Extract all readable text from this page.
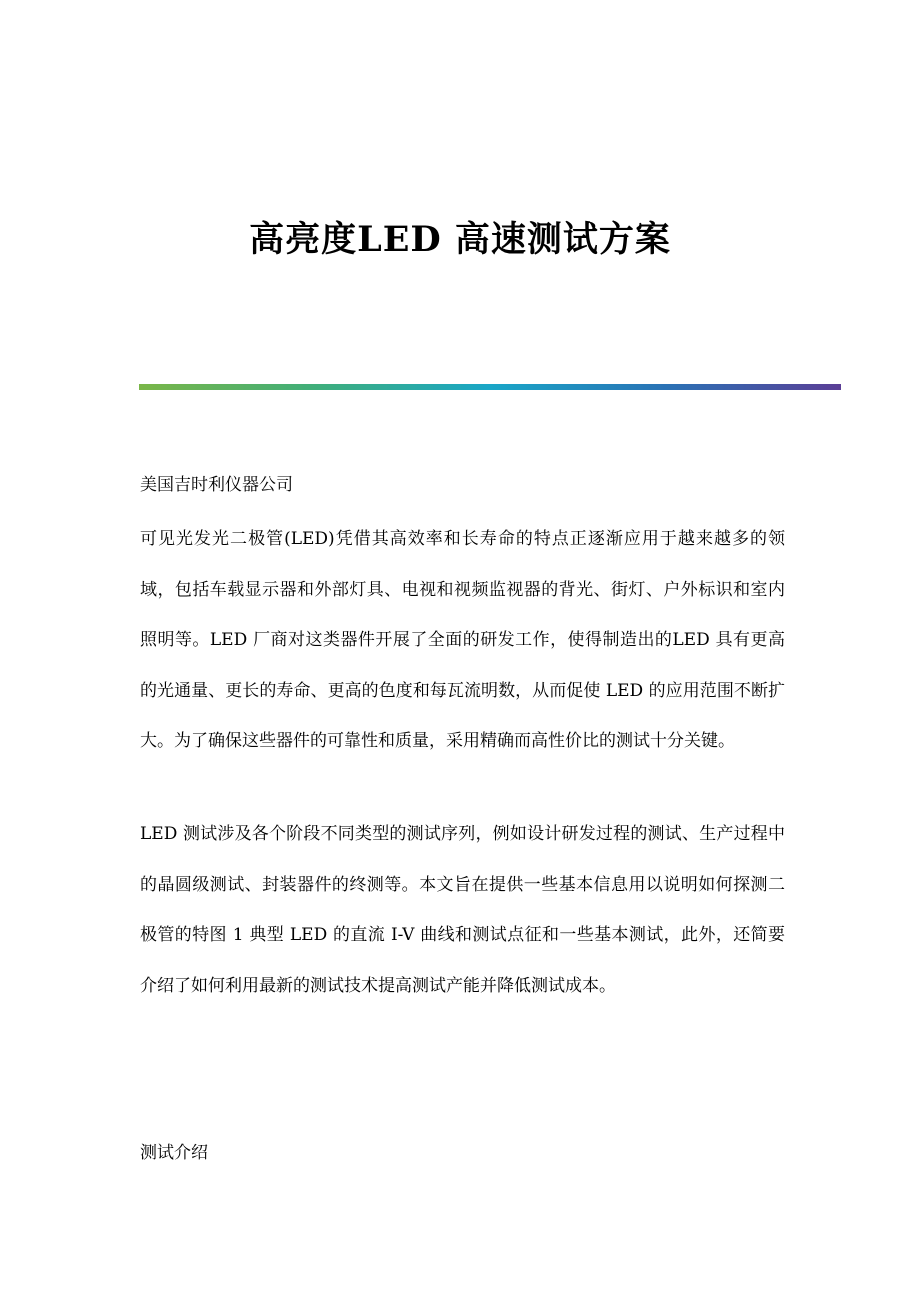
高亮度LED 高速测试方案

美国吉时利仪器公司

可见光发光二极管(LED)凭借其高效率和长寿命的特点正逐渐应用于越来越多的领域，包括车载显示器和外部灯具、电视和视频监视器的背光、街灯、户外标识和室内照明等。LED 厂商对这类器件开展了全面的研发工作，使得制造出的LED 具有更高的光通量、更长的寿命、更高的色度和每瓦流明数，从而促使 LED 的应用范围不断扩大。为了确保这些器件的可靠性和质量，采用精确而高性价比的测试十分关键。

LED 测试涉及各个阶段不同类型的测试序列，例如设计研发过程的测试、生产过程中的晶圆级测试、封装器件的终测等。本文旨在提供一些基本信息用以说明如何探测二极管的特图 1 典型 LED 的直流 I-V 曲线和测试点征和一些基本测试，此外，还简要介绍了如何利用最新的测试技术提高测试产能并降低测试成本。

测试介绍
